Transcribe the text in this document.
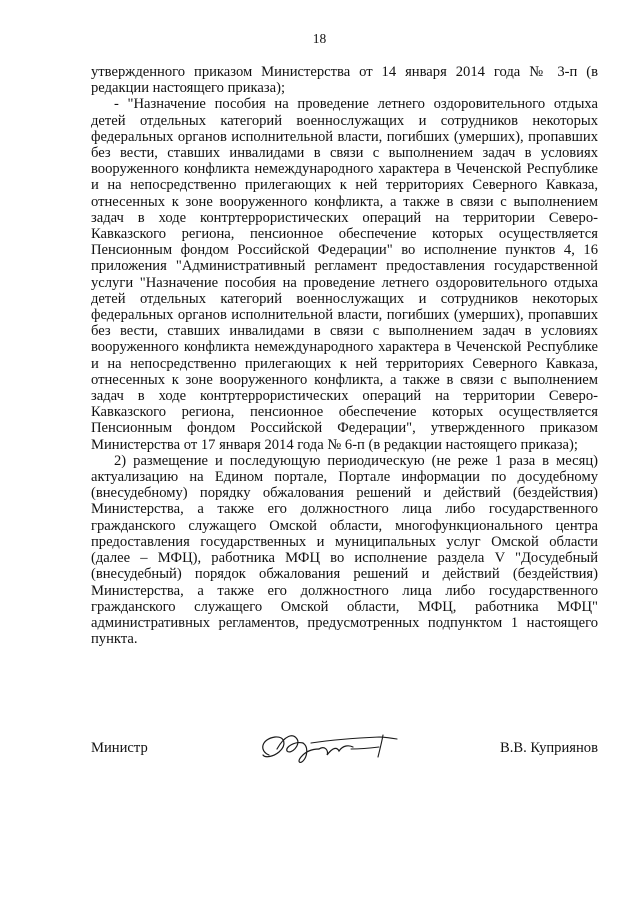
18

утвержденного приказом Министерства от 14 января 2014 года № 3-п (в редакции настоящего приказа);

- "Назначение пособия на проведение летнего оздоровительного отдыха детей отдельных категорий военнослужащих и сотрудников некоторых федеральных органов исполнительной власти, погибших (умерших), пропавших без вести, ставших инвалидами в связи с выполнением задач в условиях вооруженного конфликта немеждународного характера в Чеченской Республике и на непосредственно прилегающих к ней территориях Северного Кавказа, отнесенных к зоне вооруженного конфликта, а также в связи с выполнением задач в ходе контртеррористических операций на территории Северо-Кавказского региона, пенсионное обеспечение которых осуществляется Пенсионным фондом Российской Федерации" во исполнение пунктов 4, 16 приложения "Административный регламент предоставления государственной услуги "Назначение пособия на проведение летнего оздоровительного отдыха детей отдельных категорий военнослужащих и сотрудников некоторых федеральных органов исполнительной власти, погибших (умерших), пропавших без вести, ставших инвалидами в связи с выполнением задач в условиях вооруженного конфликта немеждународного характера в Чеченской Республике и на непосредственно прилегающих к ней территориях Северного Кавказа, отнесенных к зоне вооруженного конфликта, а также в связи с выполнением задач в ходе контртеррористических операций на территории Северо-Кавказского региона, пенсионное обеспечение которых осуществляется Пенсионным фондом Российской Федерации", утвержденного приказом Министерства от 17 января 2014 года № 6-п (в редакции настоящего приказа);

2) размещение и последующую периодическую (не реже 1 раза в месяц) актуализацию на Едином портале, Портале информации по досудебному (внесудебному) порядку обжалования решений и действий (бездействия) Министерства, а также его должностного лица либо государственного гражданского служащего Омской области, многофункционального центра предоставления государственных и муниципальных услуг Омской области (далее – МФЦ), работника МФЦ во исполнение раздела V "Досудебный (внесудебный) порядок обжалования решений и действий (бездействия) Министерства, а также его должностного лица либо государственного гражданского служащего Омской области, МФЦ, работника МФЦ" административных регламентов, предусмотренных подпунктом 1 настоящего пункта.

Министр	В.В. Куприянов
